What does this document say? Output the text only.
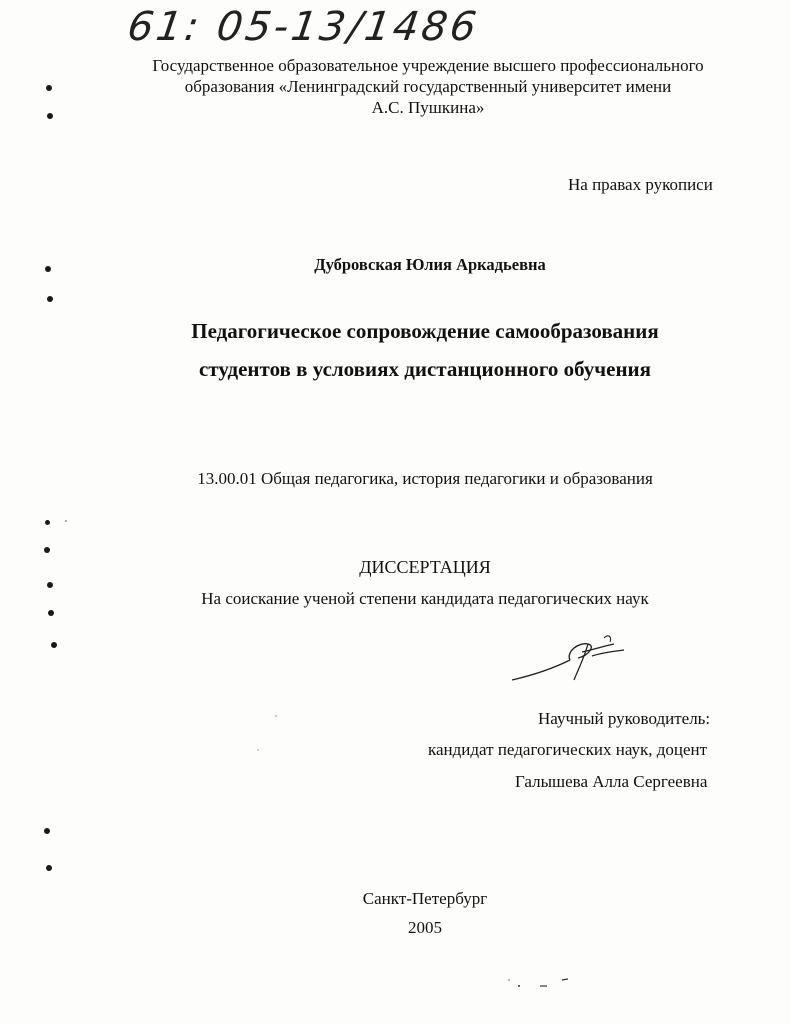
61: 05-13/1486
Государственное образовательное учреждение высшего профессионального
образования «Ленинградский государственный университет имени
А.С. Пушкина»
На правах рукописи
Дубровская Юлия Аркадьевна
Педагогическое сопровождение самообразования
студентов в условиях дистанционного обучения
13.00.01 Общая педагогика, история педагогики и образования
ДИССЕРТАЦИЯ
На соискание ученой степени кандидата педагогических наук
Научный руководитель:
кандидат педагогических наук, доцент
Галышева Алла Сергеевна
Санкт-Петербург
2005
